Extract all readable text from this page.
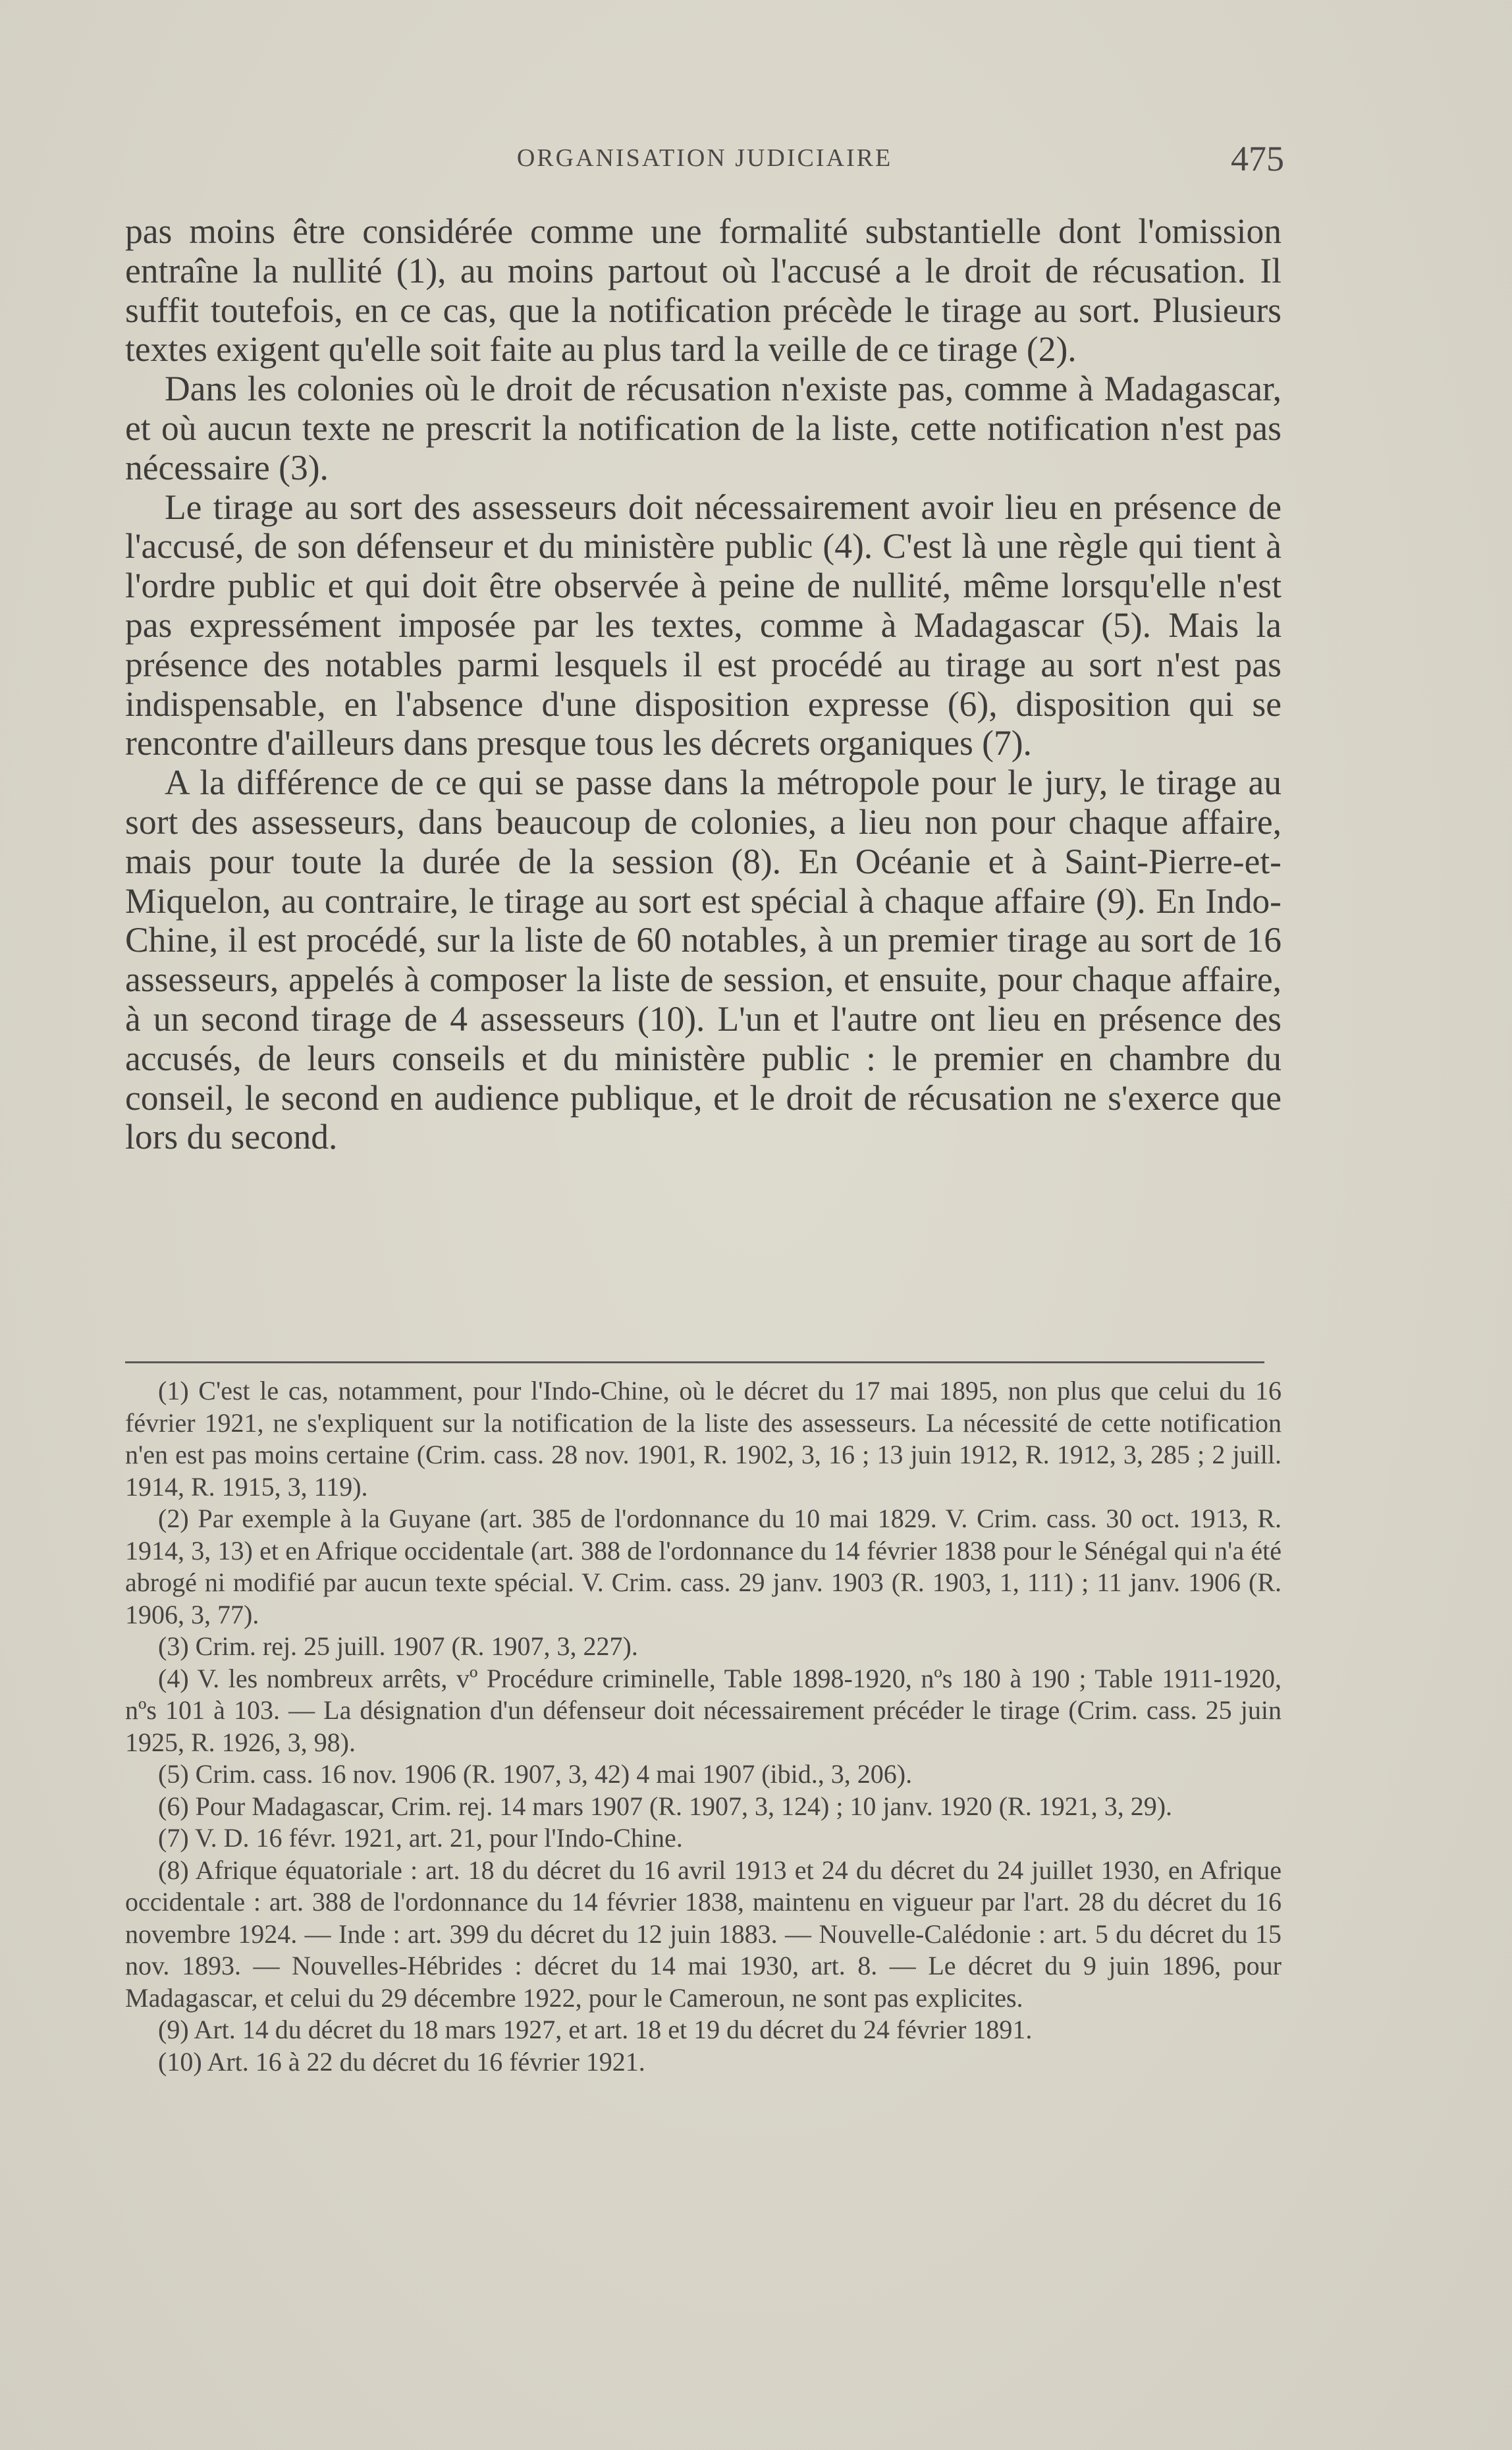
ORGANISATION JUDICIAIRE	475

pas moins être considérée comme une formalité substantielle dont l'omission entraîne la nullité (1), au moins partout où l'accusé a le droit de récusation. Il suffit toutefois, en ce cas, que la notification précède le tirage au sort. Plusieurs textes exigent qu'elle soit faite au plus tard la veille de ce tirage (2).

Dans les colonies où le droit de récusation n'existe pas, comme à Madagascar, et où aucun texte ne prescrit la notification de la liste, cette notification n'est pas nécessaire (3).

Le tirage au sort des assesseurs doit nécessairement avoir lieu en présence de l'accusé, de son défenseur et du ministère public (4). C'est là une règle qui tient à l'ordre public et qui doit être observée à peine de nullité, même lorsqu'elle n'est pas expressément imposée par les textes, comme à Madagascar (5). Mais la présence des notables parmi lesquels il est procédé au tirage au sort n'est pas indispensable, en l'absence d'une disposition expresse (6), disposition qui se rencontre d'ailleurs dans presque tous les décrets organiques (7).

A la différence de ce qui se passe dans la métropole pour le jury, le tirage au sort des assesseurs, dans beaucoup de colonies, a lieu non pour chaque affaire, mais pour toute la durée de la session (8). En Océanie et à Saint-Pierre-et-Miquelon, au contraire, le tirage au sort est spécial à chaque affaire (9). En Indo-Chine, il est procédé, sur la liste de 60 notables, à un premier tirage au sort de 16 assesseurs, appelés à composer la liste de session, et ensuite, pour chaque affaire, à un second tirage de 4 assesseurs (10). L'un et l'autre ont lieu en présence des accusés, de leurs conseils et du ministère public : le premier en chambre du conseil, le second en audience publique, et le droit de récusation ne s'exerce que lors du second.

(1) C'est le cas, notamment, pour l'Indo-Chine, où le décret du 17 mai 1895, non plus que celui du 16 février 1921, ne s'expliquent sur la notification de la liste des assesseurs. La nécessité de cette notification n'en est pas moins certaine (Crim. cass. 28 nov. 1901, R. 1902, 3, 16 ; 13 juin 1912, R. 1912, 3, 285 ; 2 juill. 1914, R. 1915, 3, 119).

(2) Par exemple à la Guyane (art. 385 de l'ordonnance du 10 mai 1829. V. Crim. cass. 30 oct. 1913, R. 1914, 3, 13) et en Afrique occidentale (art. 388 de l'ordonnance du 14 février 1838 pour le Sénégal qui n'a été abrogé ni modifié par aucun texte spécial. V. Crim. cass. 29 janv. 1903 (R. 1903, 1, 111) ; 11 janv. 1906 (R. 1906, 3, 77).

(3) Crim. rej. 25 juill. 1907 (R. 1907, 3, 227).

(4) V. les nombreux arrêts, vº Procédure criminelle, Table 1898-1920, nºs 180 à 190 ; Table 1911-1920, nºs 101 à 103. — La désignation d'un défenseur doit nécessairement précéder le tirage (Crim. cass. 25 juin 1925, R. 1926, 3, 98).

(5) Crim. cass. 16 nov. 1906 (R. 1907, 3, 42) 4 mai 1907 (ibid., 3, 206).

(6) Pour Madagascar, Crim. rej. 14 mars 1907 (R. 1907, 3, 124) ; 10 janv. 1920 (R. 1921, 3, 29).

(7) V. D. 16 févr. 1921, art. 21, pour l'Indo-Chine.

(8) Afrique équatoriale : art. 18 du décret du 16 avril 1913 et 24 du décret du 24 juillet 1930, en Afrique occidentale : art. 388 de l'ordonnance du 14 février 1838, maintenu en vigueur par l'art. 28 du décret du 16 novembre 1924. — Inde : art. 399 du décret du 12 juin 1883. — Nouvelle-Calédonie : art. 5 du décret du 15 nov. 1893. — Nouvelles-Hébrides : décret du 14 mai 1930, art. 8. — Le décret du 9 juin 1896, pour Madagascar, et celui du 29 décembre 1922, pour le Cameroun, ne sont pas explicites.

(9) Art. 14 du décret du 18 mars 1927, et art. 18 et 19 du décret du 24 février 1891.

(10) Art. 16 à 22 du décret du 16 février 1921.
